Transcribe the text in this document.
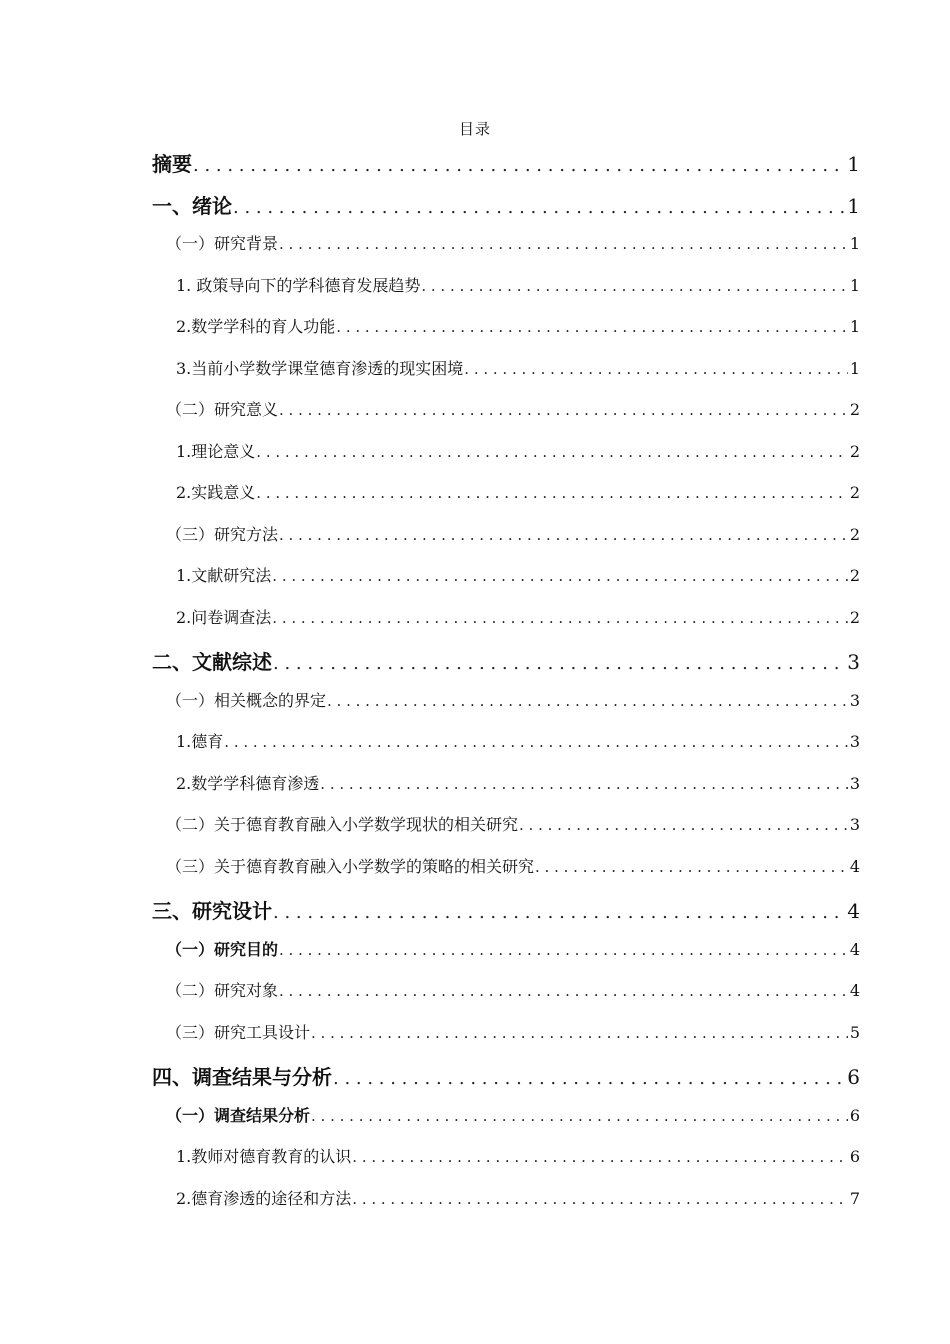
目录
摘要 . . .	1
一、绪论 . . .	1
（一）研究背景 . . .	1
1. 政策导向下的学科德育发展趋势 . . .	1
2.数学学科的育人功能 . . .	1
3.当前小学数学课堂德育渗透的现实困境 . . .	1
（二）研究意义 . . .	2
1.理论意义 . . .	2
2.实践意义 . . .	2
（三）研究方法 . . .	2
1.文献研究法 . . .	2
2.问卷调查法 . . .	2
二、文献综述 . . .	3
（一）相关概念的界定 . . .	3
1.德育 . . .	3
2.数学学科德育渗透 . . .	3
（二）关于德育教育融入小学数学现状的相关研究 . . .	3
（三）关于德育教育融入小学数学的策略的相关研究 . . .	4
三、研究设计 . . .	4
（一）研究目的 . . .	4
（二）研究对象 . . .	4
（三）研究工具设计 . . .	5
四、调查结果与分析 . . .	6
（一）调查结果分析 . . .	6
1.教师对德育教育的认识 . . .	6
2.德育渗透的途径和方法 . . .	7
